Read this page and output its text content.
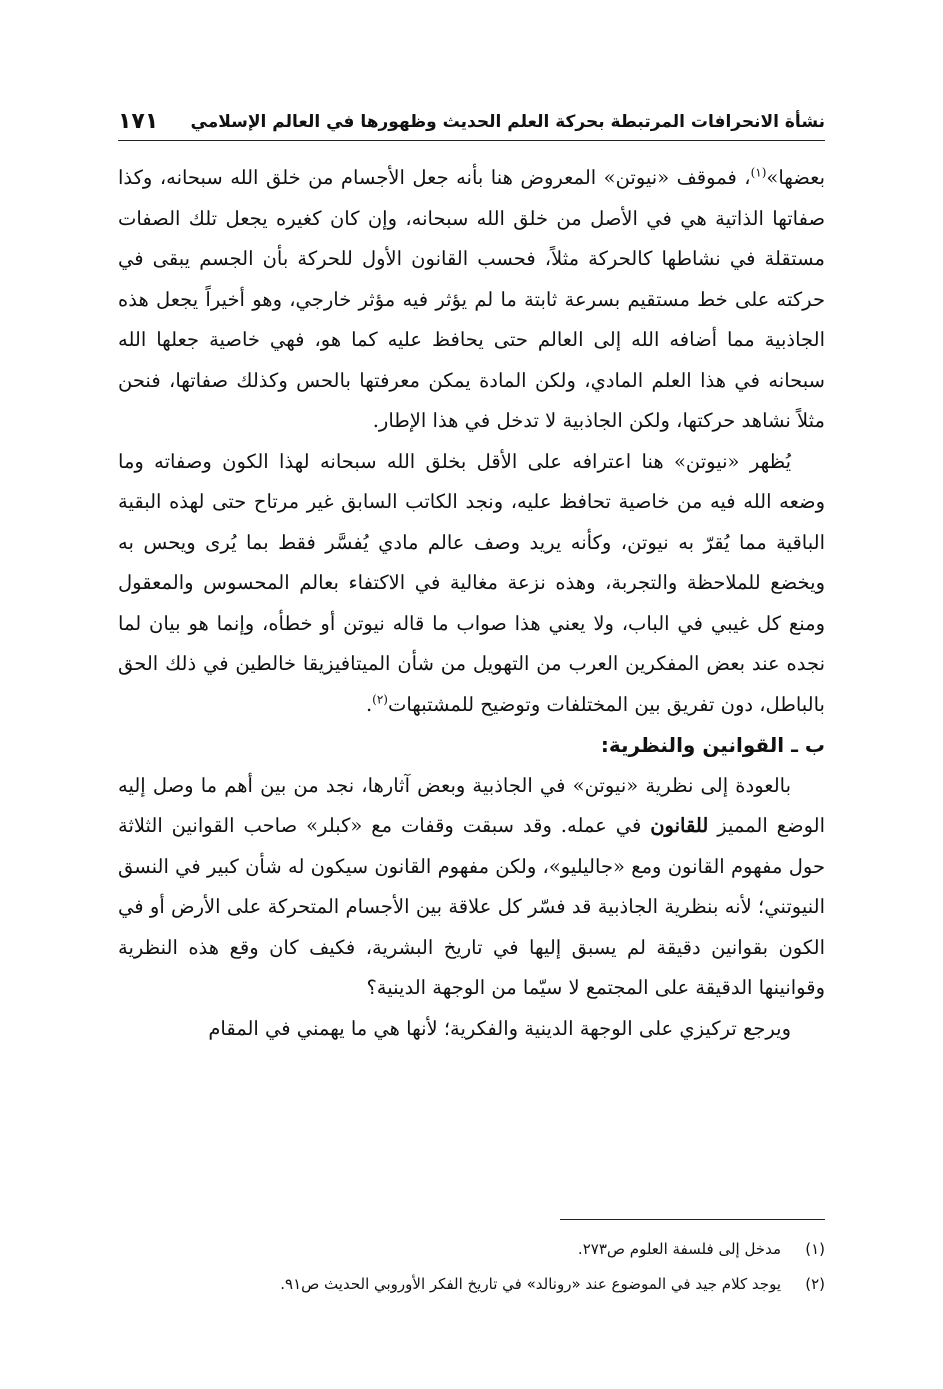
نشأة الانحرافات المرتبطة بحركة العلم الحديث وظهورها في العالم الإسلامي
١٧١

بعضها»$^{(١)}$، فموقف «نيوتن» المعروض هنا بأنه جعل الأجسام من خلق الله سبحانه، وكذا صفاتها الذاتية هي في الأصل من خلق الله سبحانه، وإن كان كغيره يجعل تلك الصفات مستقلة في نشاطها كالحركة مثلاً، فحسب القانون الأول للحركة بأن الجسم يبقى في حركته على خط مستقيم بسرعة ثابتة ما لم يؤثر فيه مؤثر خارجي، وهو أخيراً يجعل هذه الجاذبية مما أضافه الله إلى العالم حتى يحافظ عليه كما هو، فهي خاصية جعلها الله سبحانه في هذا العلم المادي، ولكن المادة يمكن معرفتها بالحس وكذلك صفاتها، فنحن مثلاً نشاهد حركتها، ولكن الجاذبية لا تدخل في هذا الإطار.

يُظهر «نيوتن» هنا اعترافه على الأقل بخلق الله سبحانه لهذا الكون وصفاته وما وضعه الله فيه من خاصية تحافظ عليه، ونجد الكاتب السابق غير مرتاح حتى لهذه البقية الباقية مما يُقرّ به نيوتن، وكأنه يريد وصف عالم مادي يُفسَّر فقط بما يُرى ويحس به ويخضع للملاحظة والتجربة، وهذه نزعة مغالية في الاكتفاء بعالم المحسوس والمعقول ومنع كل غيبي في الباب، ولا يعني هذا صواب ما قاله نيوتن أو خطأه، وإنما هو بيان لما نجده عند بعض المفكرين العرب من التهويل من شأن الميتافيزيقا خالطين في ذلك الحق بالباطل، دون تفريق بين المختلفات وتوضيح للمشتبهات$^{(٢)}$.

ب ـ القوانين والنظرية:

بالعودة إلى نظرية «نيوتن» في الجاذبية وبعض آثارها، نجد من بين أهم ما وصل إليه الوضع المميز للقانون في عمله. وقد سبقت وقفات مع «كبلر» صاحب القوانين الثلاثة حول مفهوم القانون ومع «جاليليو»، ولكن مفهوم القانون سيكون له شأن كبير في النسق النيوتني؛ لأنه بنظرية الجاذبية قد فسّر كل علاقة بين الأجسام المتحركة على الأرض أو في الكون بقوانين دقيقة لم يسبق إليها في تاريخ البشرية، فكيف كان وقع هذه النظرية وقوانينها الدقيقة على المجتمع لا سيّما من الوجهة الدينية؟

ويرجع تركيزي على الوجهة الدينية والفكرية؛ لأنها هي ما يهمني في المقام

(١)
مدخل إلى فلسفة العلوم ص٢٧٣.

(٢)
يوجد كلام جيد في الموضوع عند «رونالد» في تاريخ الفكر الأوروبي الحديث ص٩١.
